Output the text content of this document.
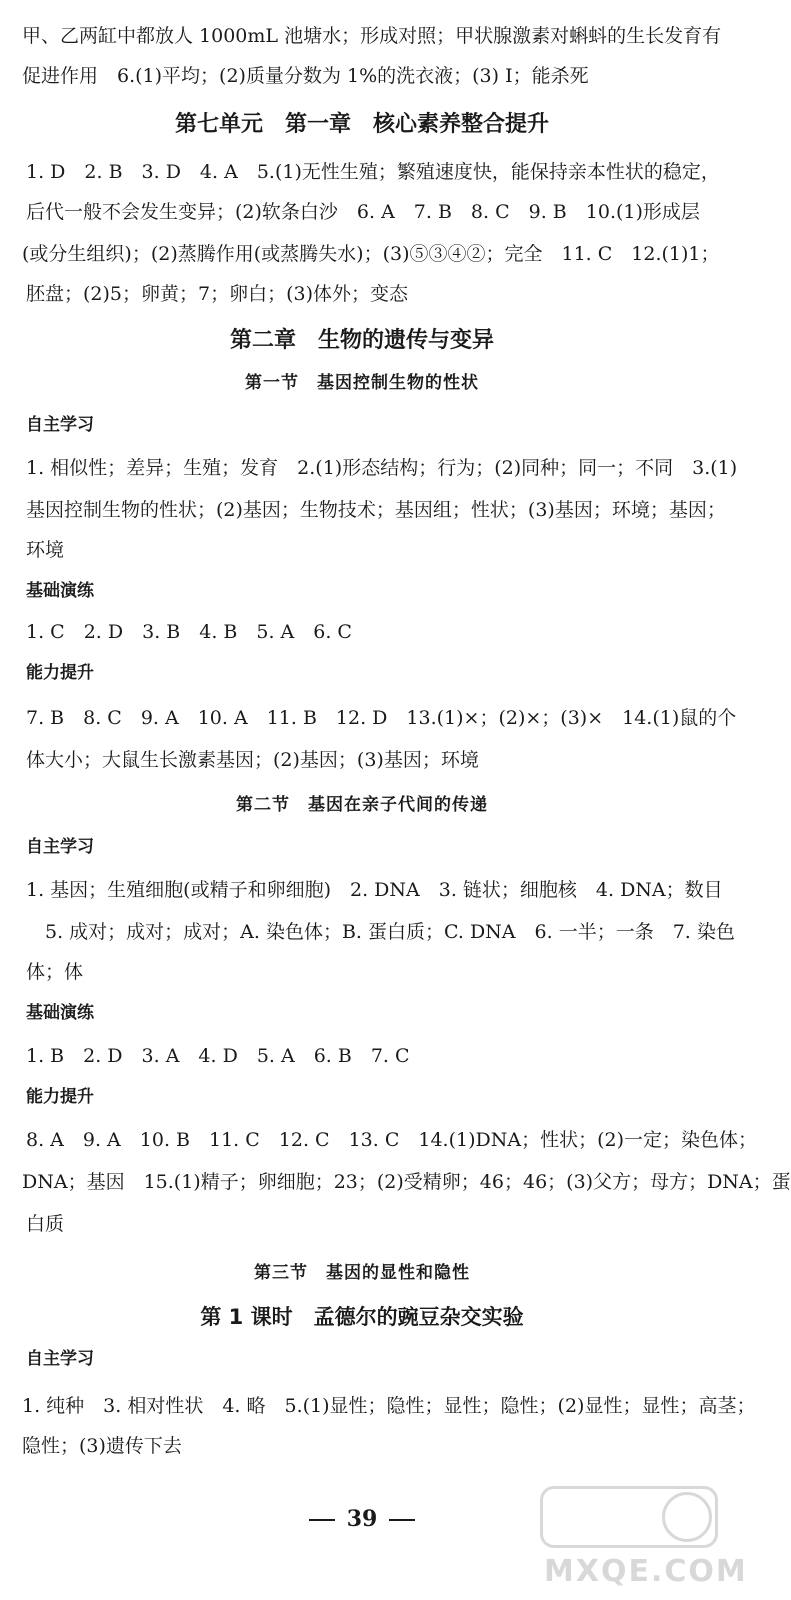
甲、乙两缸中都放人 1000mL 池塘水；形成对照；甲状腺激素对蝌蚪的生长发育有
促进作用　6.(1)平均；(2)质量分数为 1%的洗衣液；(3) Ⅰ；能杀死
第七单元　第一章　核心素养整合提升
1. D　2. B　3. D　4. A　5.(1)无性生殖；繁殖速度快，能保持亲本性状的稳定，
后代一般不会发生变异；(2)软条白沙　6. A　7. B　8. C　9. B　10.(1)形成层
(或分生组织)；(2)蒸腾作用(或蒸腾失水)；(3)⑤③④②；完全　11. C　12.(1)1；
胚盘；(2)5；卵黄；7；卵白；(3)体外；变态
第二章　生物的遗传与变异
第一节　基因控制生物的性状
自主学习
1. 相似性；差异；生殖；发育　2.(1)形态结构；行为；(2)同种；同一；不同　3.(1)
基因控制生物的性状；(2)基因；生物技术；基因组；性状；(3)基因；环境；基因；
环境
基础演练
1. C　2. D　3. B　4. B　5. A　6. C
能力提升
7. B　8. C　9. A　10. A　11. B　12. D　13.(1)×；(2)×；(3)×　14.(1)鼠的个
体大小；大鼠生长激素基因；(2)基因；(3)基因；环境
第二节　基因在亲子代间的传递
自主学习
1. 基因；生殖细胞(或精子和卵细胞)　2. DNA　3. 链状；细胞核　4. DNA；数目
　5. 成对；成对；成对；A. 染色体；B. 蛋白质；C. DNA　6. 一半；一条　7. 染色
体；体
基础演练
1. B　2. D　3. A　4. D　5. A　6. B　7. C
能力提升
8. A　9. A　10. B　11. C　12. C　13. C　14.(1)DNA；性状；(2)一定；染色体；
DNA；基因　15.(1)精子；卵细胞；23；(2)受精卵；46；46；(3)父方；母方；DNA；蛋
白质
第三节　基因的显性和隐性
第 1 课时　孟德尔的豌豆杂交实验
自主学习
1. 纯种　3. 相对性状　4. 略　5.(1)显性；隐性；显性；隐性；(2)显性；显性；高茎；
隐性；(3)遗传下去
39
MXQE.COM
